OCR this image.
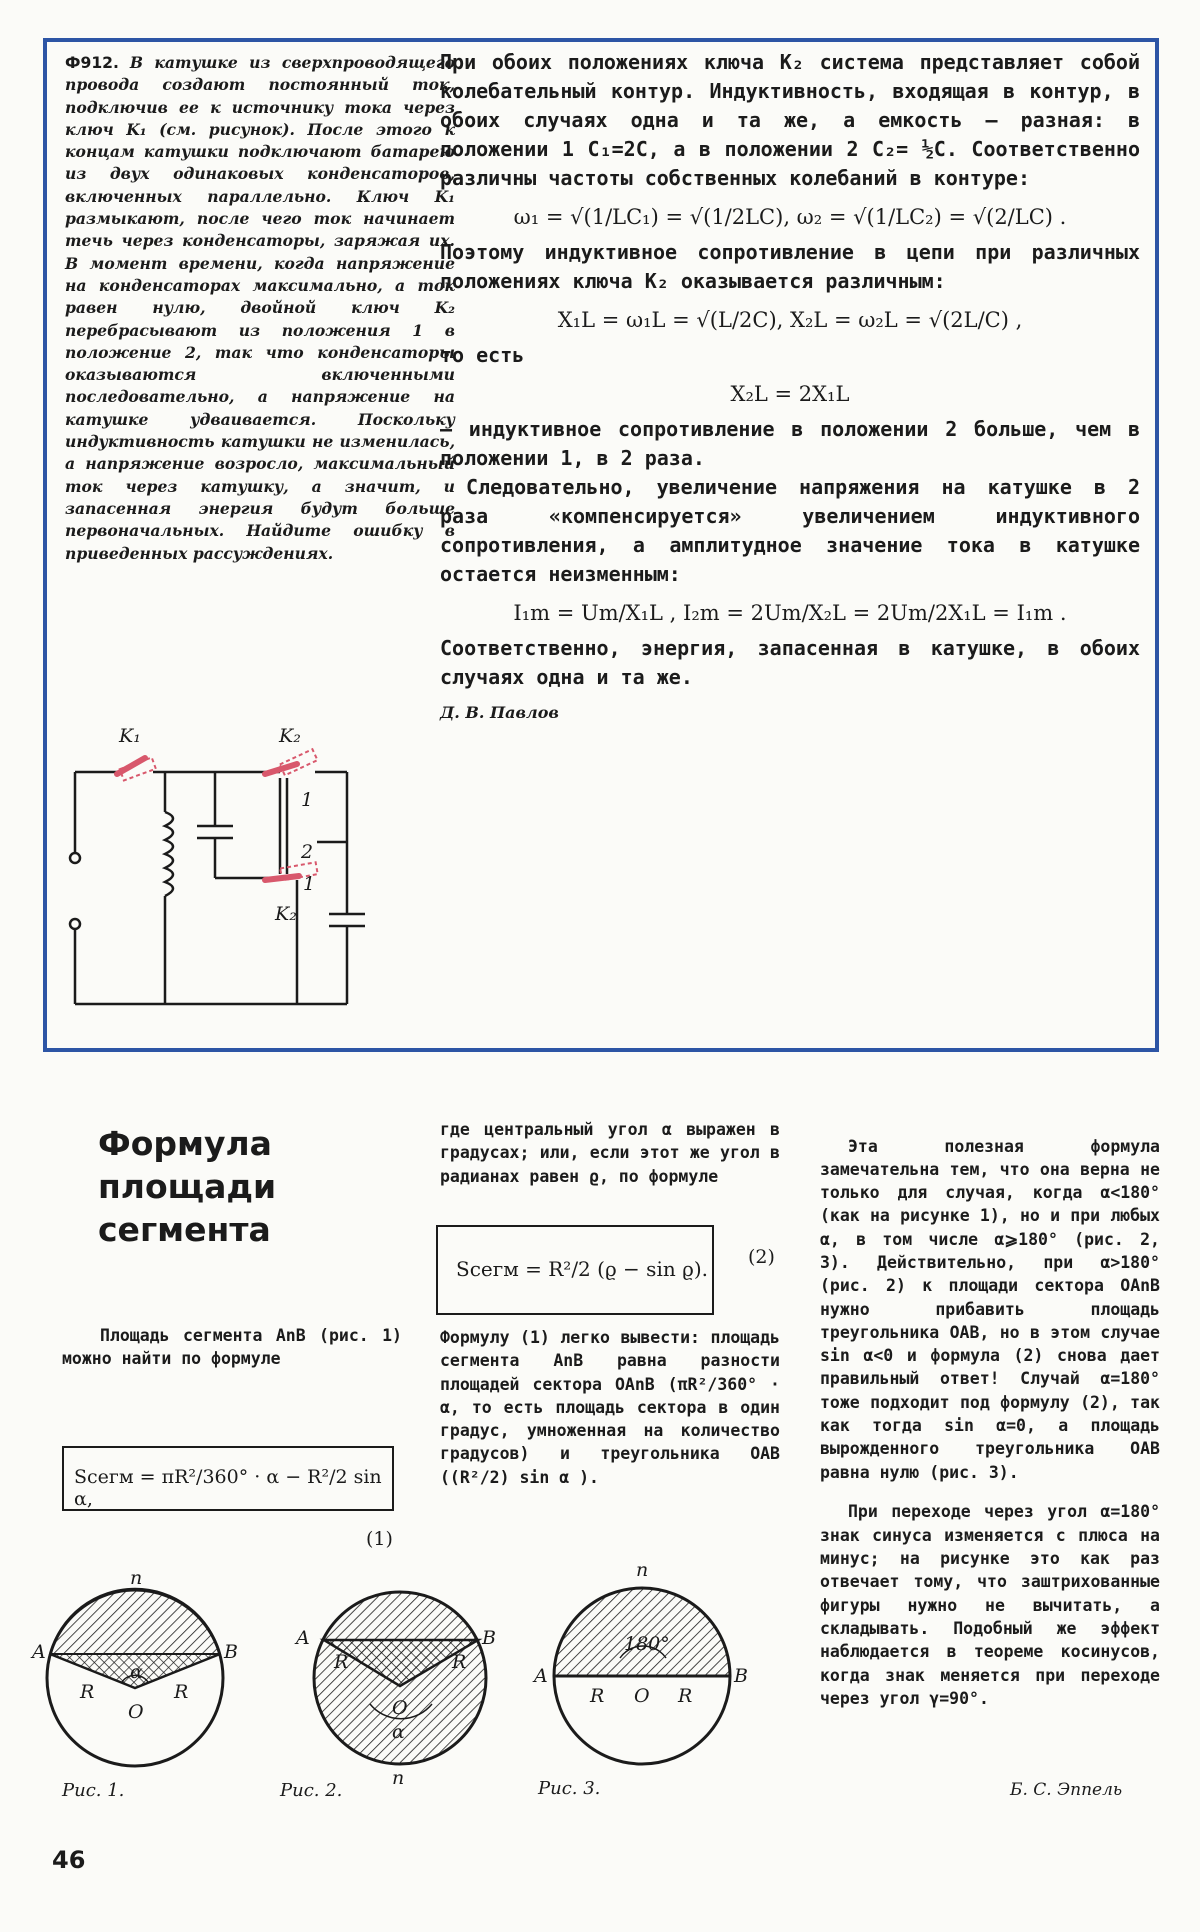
Ф912. В катушке из сверхпроводящего провода создают постоянный ток, подключив ее к источнику тока через ключ K₁ (см. рисунок). После этого к концам катушки подключают батарею из двух одинаковых конденсаторов, включенных параллельно. Ключ K₁ размыкают, после чего ток начинает течь через конденсаторы, заряжая их. В момент времени, когда напряжение на конденсаторах максимально, а ток равен нулю, двойной ключ K₂ перебрасывают из положения 1 в положение 2, так что конденсаторы оказываются включенными последовательно, а напряжение на катушке удваивается. Поскольку индуктивность катушки не изменилась, а напряжение возросло, максимальный ток через катушку, а значит, и запасенная энергия будут больше первоначальных. Найдите ошибку в приведенных рассуждениях.

K₁	K₂
1
2
1
K₂

При обоих положениях ключа K₂ система представляет собой колебательный контур. Индуктивность, входящая в контур, в обоих случаях одна и та же, а емкость — разная: в положении 1 C₁=2C, а в положении 2 C₂= ½C. Соответственно различны частоты собственных колебаний в контуре:

ω₁ = √(1/LC₁) = √(1/2LC), ω₂ = √(1/LC₂) = √(2/LC) .

Поэтому индуктивное сопротивление в цепи при различных положениях ключа K₂ оказывается различным:

X₁L = ω₁L = √(L/2C), X₂L = ω₂L = √(2L/C) ,

то есть

X₂L = 2X₁L

— индуктивное сопротивление в положении 2 больше, чем в положении 1, в 2 раза.

Следовательно, увеличение напряжения на катушке в 2 раза «компенсируется» увеличением индуктивного сопротивления, а амплитудное значение тока в катушке остается неизменным:

I₁m = Um/X₁L , I₂m = 2Um/X₂L = 2Um/2X₁L = I₁m .

Соответственно, энергия, запасенная в катушке, в обоих случаях одна и та же.

Д. В. Павлов

Формула
площади
сегмента

Площадь сегмента AnB (рис. 1) можно найти по формуле

Sсегм = πR²/360° · α − R²/2 sin α,
(1)

где центральный угол α выражен в градусах; или, если этот же угол в радианах равен ϱ, по формуле

Sсегм = R²/2 (ϱ − sin ϱ). (2)

Формулу (1) легко вывести: площадь сегмента AnB равна разности площадей сектора OAnB (πR²/360° · α, то есть площадь сектора в один градус, умноженная на количество градусов) и треугольника OAB ((R²/2) sin α ).

Эта полезная формула замечательна тем, что она верна не только для случая, когда α<180° (как на рисунке 1), но и при любых α, в том числе α⩾180° (рис. 2, 3). Действительно, при α>180° (рис. 2) к площади сектора OAnB нужно прибавить площадь треугольника OAB, но в этом случае sin α<0 и формула (2) снова дает правильный ответ! Случай α=180° тоже подходит под формулу (2), так как тогда sin α=0, а площадь вырожденного треугольника OAB равна нулю (рис. 3).

При переходе через угол α=180° знак синуса изменяется с плюса на минус; на рисунке это как раз отвечает тому, что заштрихованные фигуры нужно не вычитать, а складывать. Подобный же эффект наблюдается в теореме косинусов, когда знак меняется при переходе через угол γ=90°.

Б. С. Эппель
n
A	B
O
R	R
α
n
A	B
O
R	R
α
n
A	B
O
R	R
180°
Рис. 1.	Рис. 2.	Рис. 3.
46
